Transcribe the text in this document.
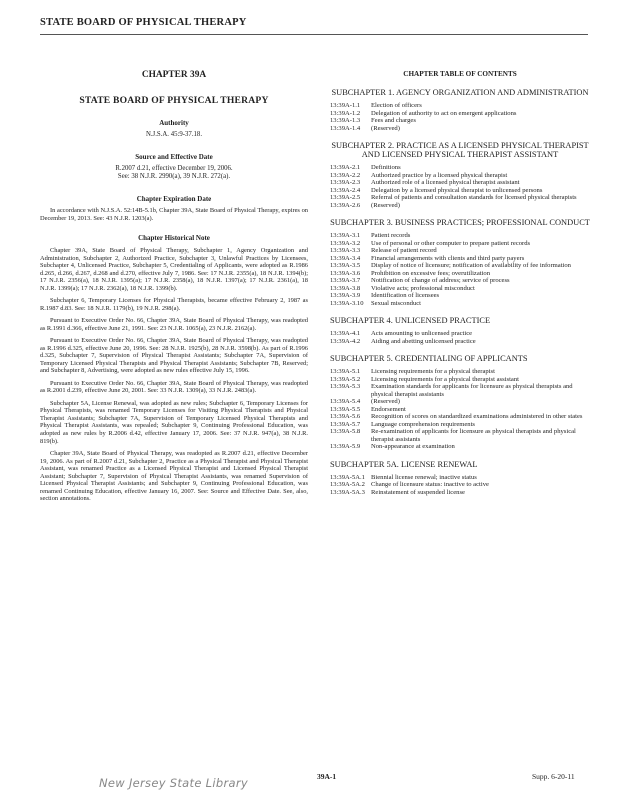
STATE BOARD OF PHYSICAL THERAPY
CHAPTER 39A
STATE BOARD OF PHYSICAL THERAPY
Authority
N.J.S.A. 45:9-37.18.
Source and Effective Date
R.2007 d.21, effective December 19, 2006.
See: 38 N.J.R. 2990(a), 39 N.J.R. 272(a).
Chapter Expiration Date

In accordance with N.J.S.A. 52:14B-5.1b, Chapter 39A, State Board of Physical Therapy, expires on December 19, 2013. See: 43 N.J.R. 1203(a).

Chapter Historical Note

Chapter 39A, State Board of Physical Therapy, Subchapter 1, Agency Organization and Administration, Subchapter 2, Authorized Practice, Subchapter 3, Unlawful Practices by Licensees, Subchapter 4, Unlicensed Practice, Subchapter 5, Credentialing of Applicants, were adopted as R.1986 d.265, d.266, d.267, d.268 and d.270, effective July 7, 1986. See: 17 N.J.R. 2355(a), 18 N.J.R. 1394(b); 17 N.J.R. 2356(a), 18 N.J.R. 1395(a); 17 N.J.R. 2358(a), 18 N.J.R. 1397(a); 17 N.J.R. 2361(a), 18 N.J.R. 1399(a); 17 N.J.R. 2362(a), 18 N.J.R. 1399(b).

Subchapter 6, Temporary Licenses for Physical Therapists, became effective February 2, 1987 as R.1987 d.83. See: 18 N.J.R. 1179(b), 19 N.J.R. 298(a).

Pursuant to Executive Order No. 66, Chapter 39A, State Board of Physical Therapy, was readopted as R.1991 d.366, effective June 21, 1991. See: 23 N.J.R. 1065(a), 23 N.J.R. 2162(a).

Pursuant to Executive Order No. 66, Chapter 39A, State Board of Physical Therapy, was readopted as R.1996 d.325, effective June 20, 1996. See: 28 N.J.R. 1925(b), 28 N.J.R. 3598(b). As part of R.1996 d.325, Subchapter 7, Supervision of Physical Therapist Assistants; Subchapter 7A, Supervision of Temporary Licensed Physical Therapists and Physical Therapist Assistants; Subchapter 7B, Reserved; and Subchapter 8, Advertising, were adopted as new rules effective July 15, 1996.

Pursuant to Executive Order No. 66, Chapter 39A, State Board of Physical Therapy, was readopted as R.2001 d.239, effective June 20, 2001. See: 33 N.J.R. 1309(a), 33 N.J.R. 2483(a).

Subchapter 5A, License Renewal, was adopted as new rules; Subchapter 6, Temporary Licenses for Physical Therapists, was renamed Temporary Licenses for Visiting Physical Therapists and Physical Therapist Assistants; Subchapter 7A, Supervision of Temporary Licensed Physical Therapists and Physical Therapist Assistants, was repealed; Subchapter 9, Continuing Professional Education, was adopted as new rules by R.2006 d.42, effective January 17, 2006. See: 37 N.J.R. 947(a), 38 N.J.R. 819(b).

Chapter 39A, State Board of Physical Therapy, was readopted as R.2007 d.21, effective December 19, 2006. As part of R.2007 d.21, Subchapter 2, Practice as a Physical Therapist and Physical Therapist Assistant, was renamed Practice as a Licensed Physical Therapist and Licensed Physical Therapist Assistant; Subchapter 7, Supervision of Physical Therapist Assistants, was renamed Supervision of Licensed Physical Therapist Assistants; and Subchapter 9, Continuing Professional Education, was renamed Continuing Education, effective January 16, 2007. See: Source and Effective Date. See, also, section annotations.

CHAPTER TABLE OF CONTENTS
SUBCHAPTER 1. AGENCY ORGANIZATION AND ADMINISTRATION
13:39A-1.1	Election of officers
13:39A-1.2	Delegation of authority to act on emergent applications
13:39A-1.3	Fees and charges
13:39A-1.4	(Reserved)
SUBCHAPTER 2. PRACTICE AS A LICENSED PHYSICAL THERAPIST AND LICENSED PHYSICAL THERAPIST ASSISTANT
13:39A-2.1	Definitions
13:39A-2.2	Authorized practice by a licensed physical therapist
13:39A-2.3	Authorized role of a licensed physical therapist assistant
13:39A-2.4	Delegation by a licensed physical therapist to unlicensed persons
13:39A-2.5	Referral of patients and consultation standards for licensed physical therapists
13:39A-2.6	(Reserved)
SUBCHAPTER 3. BUSINESS PRACTICES; PROFESSIONAL CONDUCT
13:39A-3.1	Patient records
13:39A-3.2	Use of personal or other computer to prepare patient records
13:39A-3.3	Release of patient record
13:39A-3.4	Financial arrangements with clients and third party payers
13:39A-3.5	Display of notice of licensure; notification of availability of fee information
13:39A-3.6	Prohibition on excessive fees; overutilization
13:39A-3.7	Notification of change of address; service of process
13:39A-3.8	Violative acts; professional misconduct
13:39A-3.9	Identification of licensees
13:39A-3.10	Sexual misconduct
SUBCHAPTER 4. UNLICENSED PRACTICE
13:39A-4.1	Acts amounting to unlicensed practice
13:39A-4.2	Aiding and abetting unlicensed practice
SUBCHAPTER 5. CREDENTIALING OF APPLICANTS
13:39A-5.1	Licensing requirements for a physical therapist
13:39A-5.2	Licensing requirements for a physical therapist assistant
13:39A-5.3	Examination standards for applicants for licensure as physical therapists and physical therapist assistants
13:39A-5.4	(Reserved)
13:39A-5.5	Endorsement
13:39A-5.6	Recognition of scores on standardized examinations administered in other states
13:39A-5.7	Language comprehension requirements
13:39A-5.8	Re-examination of applicants for licensure as physical therapists and physical therapist assistants
13:39A-5.9	Non-appearance at examination
SUBCHAPTER 5A. LICENSE RENEWAL
13:39A-5A.1 Biennial license renewal; inactive status
13:39A-5A.2 Change of licensure status: inactive to active
13:39A-5A.3 Reinstatement of suspended license
New Jersey State Library	39A-1	Supp. 6-20-11
